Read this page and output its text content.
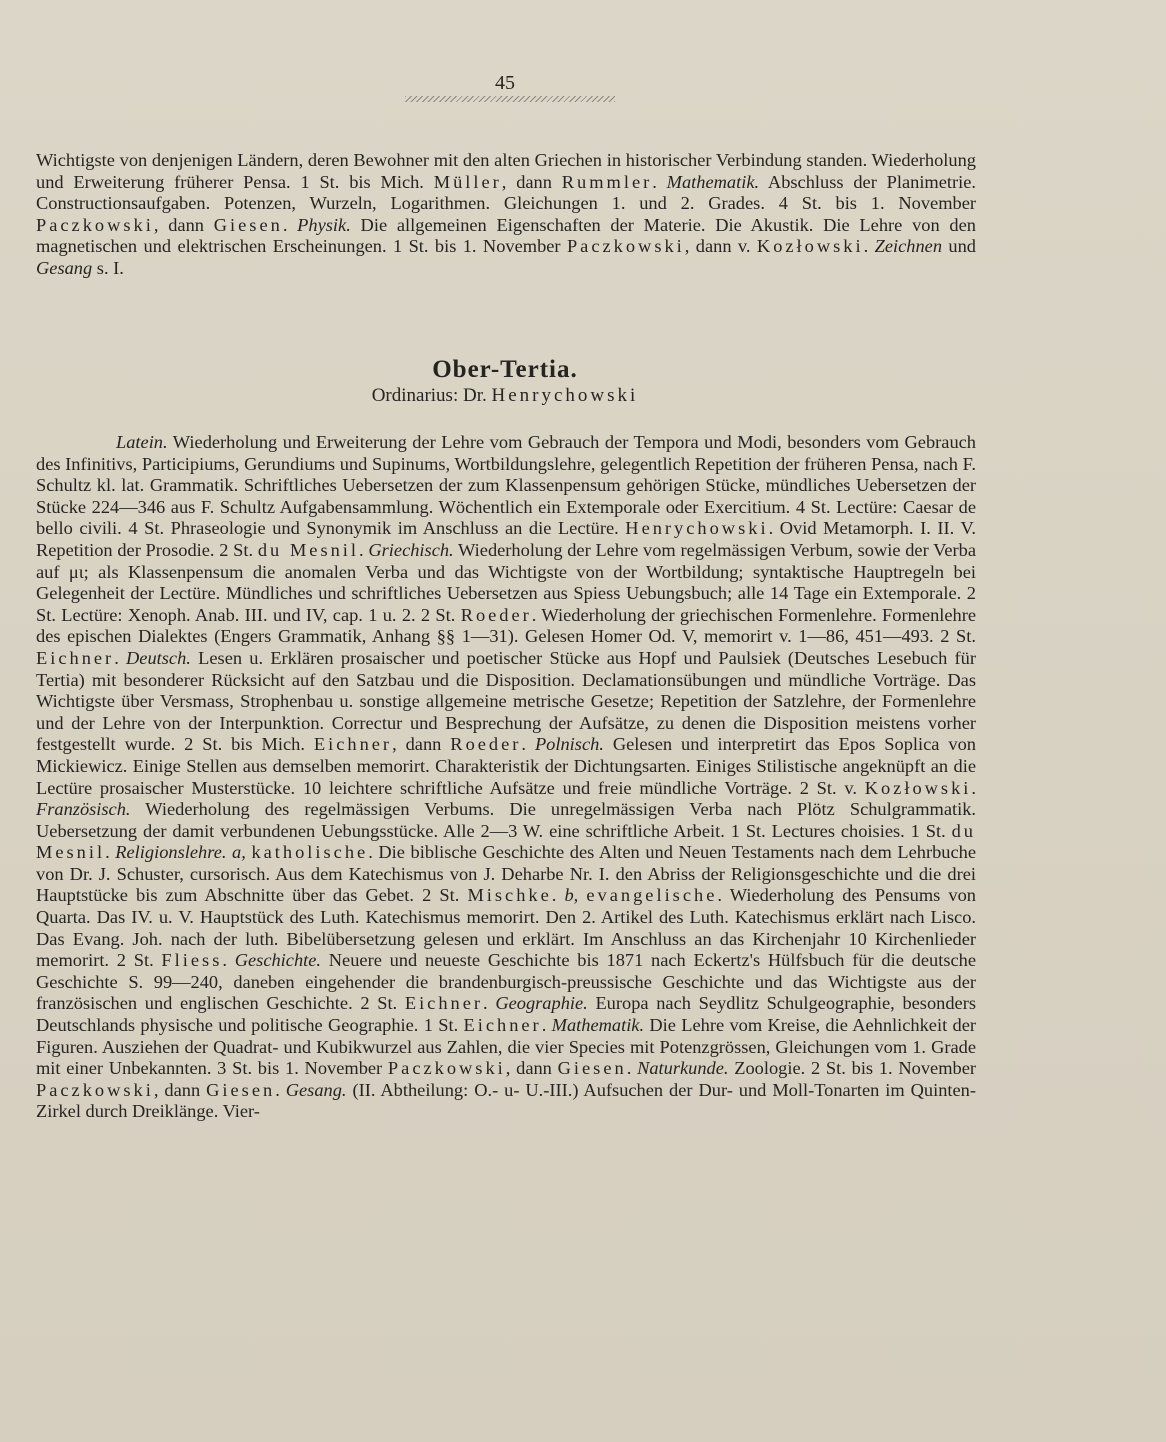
45

Wichtigste von denjenigen Ländern, deren Bewohner mit den alten Griechen in historischer Verbindung standen. Wiederholung und Erweiterung früherer Pensa. 1 St. bis Mich. Müller, dann Rummler. Mathematik. Abschluss der Planimetrie. Constructionsaufgaben. Potenzen, Wurzeln, Logarithmen. Gleichungen 1. und 2. Grades. 4 St. bis 1. November Paczkowski, dann Giesen. Physik. Die allgemeinen Eigenschaften der Materie. Die Akustik. Die Lehre von den magnetischen und elektrischen Erscheinungen. 1 St. bis 1. November Paczkowski, dann v. Kozłowski. Zeichnen und Gesang s. I.

Ober-Tertia.
Ordinarius: Dr. Henrychowski

Latein. Wiederholung und Erweiterung der Lehre vom Gebrauch der Tempora und Modi, besonders vom Gebrauch des Infinitivs, Participiums, Gerundiums und Supinums, Wortbildungslehre, gelegentlich Repetition der früheren Pensa, nach F. Schultz kl. lat. Grammatik. Schriftliches Uebersetzen der zum Klassenpensum gehörigen Stücke, mündliches Uebersetzen der Stücke 224—346 aus F. Schultz Aufgabensammlung. Wöchentlich ein Extemporale oder Exercitium. 4 St. Lectüre: Caesar de bello civili. 4 St. Phraseologie und Synonymik im Anschluss an die Lectüre. Henrychowski. Ovid Metamorph. I. II. V. Repetition der Prosodie. 2 St. du Mesnil. Griechisch. Wiederholung der Lehre vom regelmässigen Verbum, sowie der Verba auf μι; als Klassenpensum die anomalen Verba und das Wichtigste von der Wortbildung; syntaktische Hauptregeln bei Gelegenheit der Lectüre. Mündliches und schriftliches Uebersetzen aus Spiess Uebungsbuch; alle 14 Tage ein Extemporale. 2 St. Lectüre: Xenoph. Anab. III. und IV, cap. 1 u. 2. 2 St. Roeder. Wiederholung der griechischen Formenlehre. Formenlehre des epischen Dialektes (Engers Grammatik, Anhang §§ 1—31). Gelesen Homer Od. V, memorirt v. 1—86, 451—493. 2 St. Eichner. Deutsch. Lesen u. Erklären prosaischer und poetischer Stücke aus Hopf und Paulsiek (Deutsches Lesebuch für Tertia) mit besonderer Rücksicht auf den Satzbau und die Disposition. Declamationsübungen und mündliche Vorträge. Das Wichtigste über Versmass, Strophenbau u. sonstige allgemeine metrische Gesetze; Repetition der Satzlehre, der Formenlehre und der Lehre von der Interpunktion. Correctur und Besprechung der Aufsätze, zu denen die Disposition meistens vorher festgestellt wurde. 2 St. bis Mich. Eichner, dann Roeder. Polnisch. Gelesen und interpretirt das Epos Soplica von Mickiewicz. Einige Stellen aus demselben memorirt. Charakteristik der Dichtungsarten. Einiges Stilistische angeknüpft an die Lectüre prosaischer Musterstücke. 10 leichtere schriftliche Aufsätze und freie mündliche Vorträge. 2 St. v. Kozłowski. Französisch. Wiederholung des regelmässigen Verbums. Die unregelmässigen Verba nach Plötz Schulgrammatik. Uebersetzung der damit verbundenen Uebungsstücke. Alle 2—3 W. eine schriftliche Arbeit. 1 St. Lectures choisies. 1 St. du Mesnil. Religionslehre. a, katholische. Die biblische Geschichte des Alten und Neuen Testaments nach dem Lehrbuche von Dr. J. Schuster, cursorisch. Aus dem Katechismus von J. Deharbe Nr. I. den Abriss der Religionsgeschichte und die drei Hauptstücke bis zum Abschnitte über das Gebet. 2 St. Mischke. b, evangelische. Wiederholung des Pensums von Quarta. Das IV. u. V. Hauptstück des Luth. Katechismus memorirt. Den 2. Artikel des Luth. Katechismus erklärt nach Lisco. Das Evang. Joh. nach der luth. Bibelübersetzung gelesen und erklärt. Im Anschluss an das Kirchenjahr 10 Kirchenlieder memorirt. 2 St. Fliess. Geschichte. Neuere und neueste Geschichte bis 1871 nach Eckertz's Hülfsbuch für die deutsche Geschichte S. 99—240, daneben eingehender die brandenburgisch-preussische Geschichte und das Wichtigste aus der französischen und englischen Geschichte. 2 St. Eichner. Geographie. Europa nach Seydlitz Schulgeographie, besonders Deutschlands physische und politische Geographie. 1 St. Eichner. Mathematik. Die Lehre vom Kreise, die Aehnlichkeit der Figuren. Ausziehen der Quadrat- und Kubikwurzel aus Zahlen, die vier Species mit Potenzgrössen, Gleichungen vom 1. Grade mit einer Unbekannten. 3 St. bis 1. November Paczkowski, dann Giesen. Naturkunde. Zoologie. 2 St. bis 1. November Paczkowski, dann Giesen. Gesang. (II. Abtheilung: O.- u- U.-III.) Aufsuchen der Dur- und Moll-Tonarten im Quinten-Zirkel durch Dreiklänge. Vier-
